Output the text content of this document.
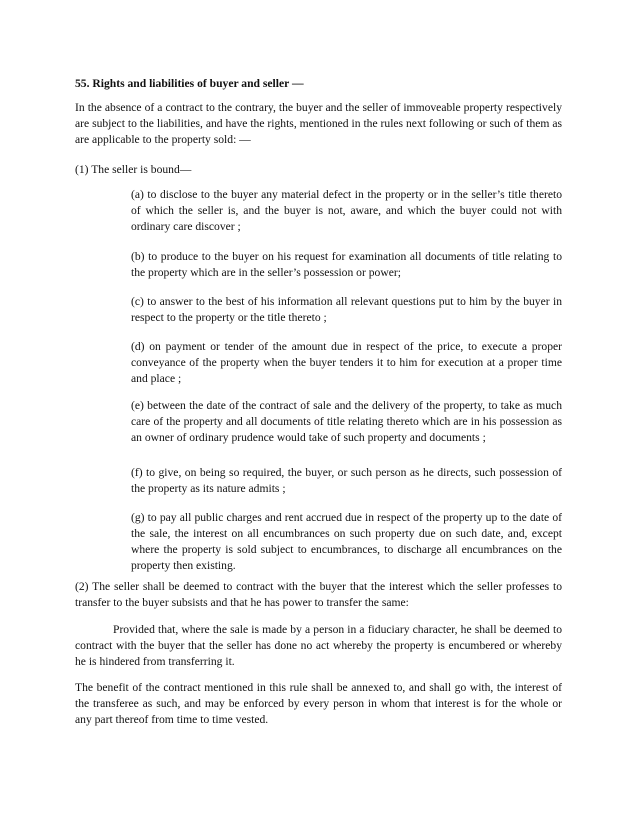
55. Rights and liabilities of buyer and seller —
In the absence of a contract to the contrary, the buyer and the seller of immoveable property respectively are subject to the liabilities, and have the rights, mentioned in the rules next following or such of them as are applicable to the property sold: —
(1) The seller is bound—
(a) to disclose to the buyer any material defect in the property or in the seller’s title thereto of which the seller is, and the buyer is not, aware, and which the buyer could not with ordinary care discover ;
(b) to produce to the buyer on his request for examination all documents of title relating to the property which are in the seller’s possession or power;
(c) to answer to the best of his information all relevant questions put to him by the buyer in respect to the property or the title thereto ;
(d) on payment or tender of the amount due in respect of the price, to execute a proper conveyance of the property when the buyer tenders it to him for execution at a proper time and place ;
(e) between the date of the contract of sale and the delivery of the property, to take as much care of the property and all documents of title relating thereto which are in his possession as an owner of ordinary prudence would take of such property and documents ;
(f) to give, on being so required, the buyer, or such person as he directs, such possession of the property as its nature admits ;
(g) to pay all public charges and rent accrued due in respect of the property up to the date of the sale, the interest on all encumbrances on such property due on such date, and, except where the property is sold subject to encumbrances, to discharge all encumbrances on the property then existing.
(2) The seller shall be deemed to contract with the buyer that the interest which the seller professes to transfer to the buyer subsists and that he has power to transfer the same:
Provided that, where the sale is made by a person in a fiduciary character, he shall be deemed to contract with the buyer that the seller has done no act whereby the property is encumbered or whereby he is hindered from transferring it.
The benefit of the contract mentioned in this rule shall be annexed to, and shall go with, the interest of the transferee as such, and may be enforced by every person in whom that interest is for the whole or any part thereof from time to time vested.
